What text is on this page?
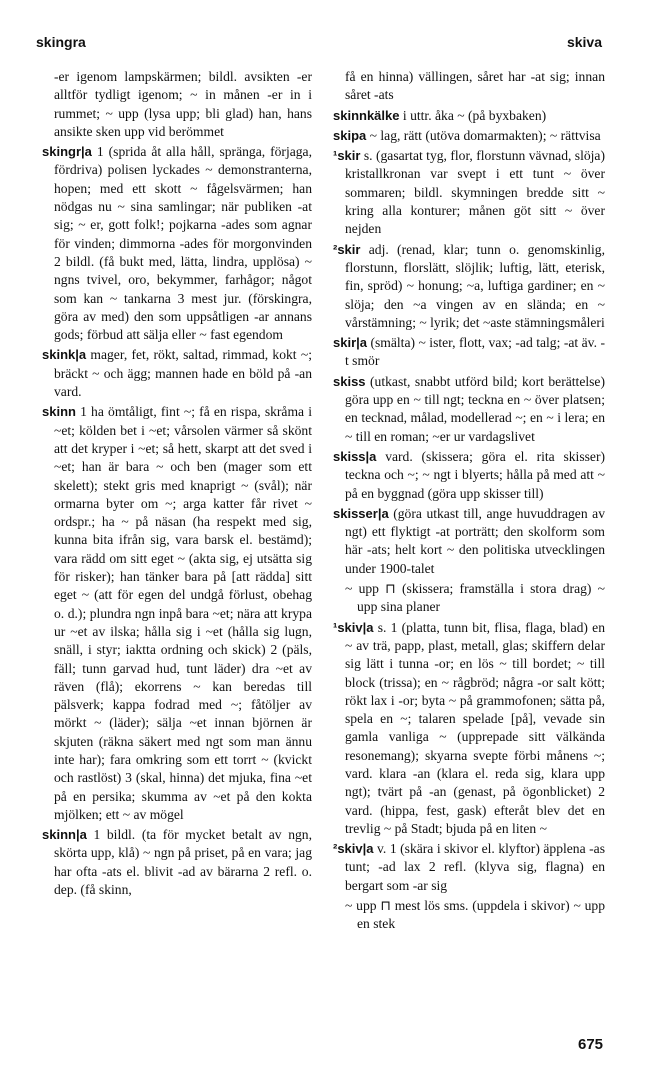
skingra	skiva

-er igenom lampskärmen; bildl. avsikten -er alltför tydligt igenom; ~ in månen -er in i rummet; ~ upp (lysa upp; bli glad) han, hans ansikte sken upp vid berömmet

skingr|a 1 (sprida åt alla håll, spränga, förjaga, fördriva) polisen lyckades ~ demonstranterna, hopen; med ett skott ~ fågelsvärmen; han nödgas nu ~ sina samlingar; när publiken -at sig; ~ er, gott folk!; pojkarna -ades som agnar för vinden; dimmorna -ades för morgonvinden 2 bildl. (få bukt med, lätta, lindra, upplösa) ~ ngns tvivel, oro, bekymmer, farhågor; något som kan ~ tankarna 3 mest jur. (förskingra, göra av med) den som uppsåtligen -ar annans gods; förbud att sälja eller ~ fast egendom

skink|a mager, fet, rökt, saltad, rimmad, kokt ~; bräckt ~ och ägg; mannen hade en böld på -an vard.

skinn 1 ha ömtåligt, fint ~; få en rispa, skråma i ~et; kölden bet i ~et; vårsolen värmer så skönt att det kryper i ~et; så hett, skarpt att det sved i ~et; han är bara ~ och ben (mager som ett skelett); stekt gris med knaprigt ~ (svål); när ormarna byter om ~; arga katter får rivet ~ ordspr.; ha ~ på näsan (ha respekt med sig, kunna bita ifrån sig, vara barsk el. bestämd); vara rädd om sitt eget ~ (akta sig, ej utsätta sig för risker); han tänker bara på [att rädda] sitt eget ~ (att för egen del undgå förlust, obehag o. d.); plundra ngn inpå bara ~et; nära att krypa ur ~et av ilska; hålla sig i ~et (hålla sig lugn, snäll, i styr; iaktta ordning och skick) 2 (päls, fäll; tunn garvad hud, tunt läder) dra ~et av räven (flå); ekorrens ~ kan beredas till pälsverk; kappa fodrad med ~; fåtöljer av mörkt ~ (läder); sälja ~et innan björnen är skjuten (räkna säkert med ngt som man ännu inte har); fara omkring som ett torrt ~ (kvickt och rastlöst) 3 (skal, hinna) det mjuka, fina ~et på en persika; skumma av ~et på den kokta mjölken; ett ~ av mögel

skinn|a 1 bildl. (ta för mycket betalt av ngn, skörta upp, klå) ~ ngn på priset, på en vara; jag har ofta -ats el. blivit -ad av bärarna 2 refl. o. dep. (få skinn,

få en hinna) vällingen, såret har -at sig; innan såret -ats

skinnkälke i uttr. åka ~ (på byxbaken)

skipa ~ lag, rätt (utöva domarmakten); ~ rättvisa

¹skir s. (gasartat tyg, flor, florstunn vävnad, slöja) kristallkronan var svept i ett tunt ~ över sommaren; bildl. skymningen bredde sitt ~ kring alla konturer; månen göt sitt ~ över nejden

²skir adj. (renad, klar; tunn o. genomskinlig, florstunn, florslätt, slöjlik; luftig, lätt, eterisk, fin, spröd) ~ honung; ~a, luftiga gardiner; en ~ slöja; den ~a vingen av en slända; en ~ vårstämning; ~ lyrik; det ~aste stämningsmåleri

skir|a (smälta) ~ ister, flott, vax; -ad talg; -at äv. -t smör

skiss (utkast, snabbt utförd bild; kort berättelse) göra upp en ~ till ngt; teckna en ~ över platsen; en tecknad, målad, modellerad ~; en ~ i lera; en ~ till en roman; ~er ur vardagslivet

skiss|a vard. (skissera; göra el. rita skisser) teckna och ~; ~ ngt i blyerts; hålla på med att ~ på en byggnad (göra upp skisser till)

skisser|a (göra utkast till, ange huvuddragen av ngt) ett flyktigt -at porträtt; den skolform som här -ats; helt kort ~ den politiska utvecklingen under 1900-talet

~ upp ⊓ (skissera; framställa i stora drag) ~ upp sina planer

¹skiv|a s. 1 (platta, tunn bit, flisa, flaga, blad) en ~ av trä, papp, plast, metall, glas; skiffern delar sig lätt i tunna -or; en lös ~ till bordet; ~ till block (trissa); en ~ rågbröd; några -or salt kött; rökt lax i -or; byta ~ på grammofonen; sätta på, spela en ~; talaren spelade [på], vevade sin gamla vanliga ~ (upprepade sitt välkända resonemang); skyarna svepte förbi månens ~; vard. klara -an (klara el. reda sig, klara upp ngt); tvärt på -an (genast, på ögonblicket) 2 vard. (hippa, fest, gask) efteråt blev det en trevlig ~ på Stadt; bjuda på en liten ~

²skiv|a v. 1 (skära i skivor el. klyftor) äpplena -as tunt; -ad lax 2 refl. (klyva sig, flagna) en bergart som -ar sig

~ upp ⊓ mest lös sms. (uppdela i skivor) ~ upp en stek

675
